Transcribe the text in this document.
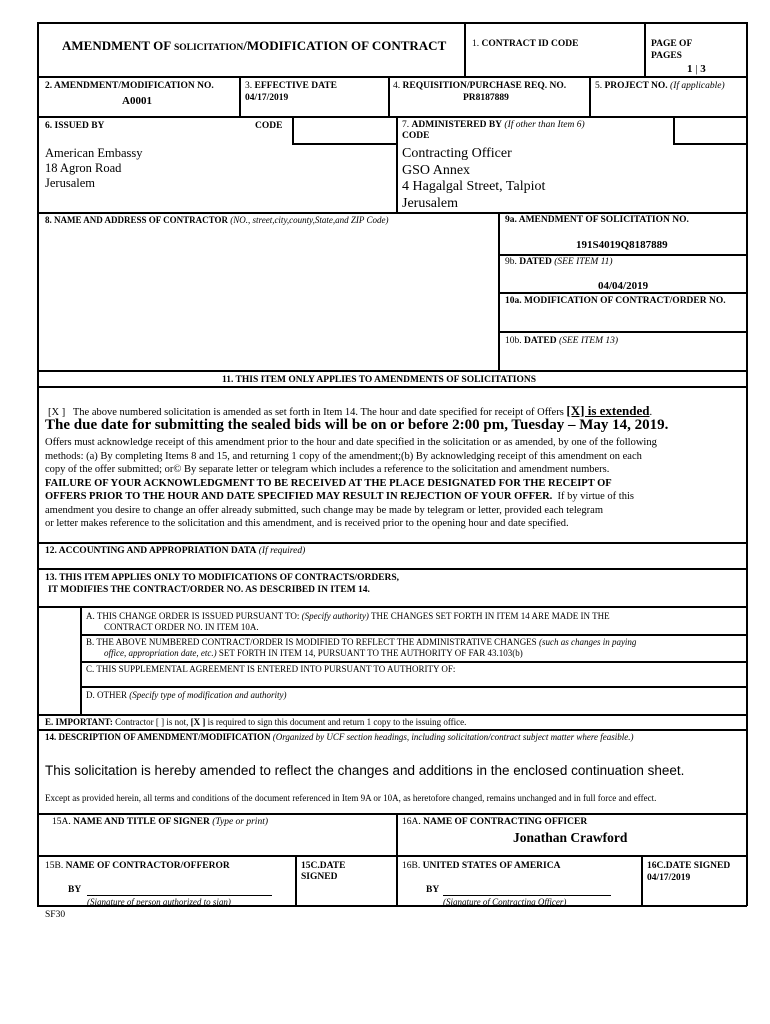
AMENDMENT OF SOLICITATION/MODIFICATION OF CONTRACT	1. CONTRACT ID CODE	PAGE OF
PAGES
1 | 3
2. AMENDMENT/MODIFICATION NO.
A0001
3. EFFECTIVE DATE
04/17/2019
4. REQUISITION/PURCHASE REQ. NO.
PR8187889
5. PROJECT NO. (If applicable)
6. ISSUED BY	CODE
American Embassy
18 Agron Road
Jerusalem
7. ADMINISTERED BY (If other than Item 6)
CODE
Contracting Officer
GSO Annex
4 Hagalgal Street, Talpiot
Jerusalem
8. NAME AND ADDRESS OF CONTRACTOR (NO., street,city,county,State,and ZIP Code)	9a. AMENDMENT OF SOLICITATION NO.
191S4019Q8187889
9b. DATED (SEE ITEM 11)
04/04/2019
10a. MODIFICATION OF CONTRACT/ORDER NO.
10b. DATED (SEE ITEM 13)
11. THIS ITEM ONLY APPLIES TO AMENDMENTS OF SOLICITATIONS
[X ] The above numbered solicitation is amended as set forth in Item 14. The hour and date specified for receipt of Offers [X] is extended.
The due date for submitting the sealed bids will be on or before 2:00 pm, Tuesday – May 14, 2019.
Offers must acknowledge receipt of this amendment prior to the hour and date specified in the solicitation or as amended, by one of the following
methods: (a) By completing Items 8 and 15, and returning 1 copy of the amendment;(b) By acknowledging receipt of this amendment on each
copy of the offer submitted; or© By separate letter or telegram which includes a reference to the solicitation and amendment numbers.
FAILURE OF YOUR ACKNOWLEDGMENT TO BE RECEIVED AT THE PLACE DESIGNATED FOR THE RECEIPT OF
OFFERS PRIOR TO THE HOUR AND DATE SPECIFIED MAY RESULT IN REJECTION OF YOUR OFFER. If by virtue of this
amendment you desire to change an offer already submitted, such change may be made by telegram or letter, provided each telegram
or letter makes reference to the solicitation and this amendment, and is received prior to the opening hour and date specified.
12. ACCOUNTING AND APPROPRIATION DATA (If required)
13. THIS ITEM APPLIES ONLY TO MODIFICATIONS OF CONTRACTS/ORDERS,
IT MODIFIES THE CONTRACT/ORDER NO. AS DESCRIBED IN ITEM 14.
A. THIS CHANGE ORDER IS ISSUED PURSUANT TO: (Specify authority) THE CHANGES SET FORTH IN ITEM 14 ARE MADE IN THE
CONTRACT ORDER NO. IN ITEM 10A.
B. THE ABOVE NUMBERED CONTRACT/ORDER IS MODIFIED TO REFLECT THE ADMINISTRATIVE CHANGES (such as changes in paying
office, appropriation date, etc.) SET FORTH IN ITEM 14, PURSUANT TO THE AUTHORITY OF FAR 43.103(b)
C. THIS SUPPLEMENTAL AGREEMENT IS ENTERED INTO PURSUANT TO AUTHORITY OF:
D. OTHER (Specify type of modification and authority)
E. IMPORTANT: Contractor [ ] is not, [X ] is required to sign this document and return 1 copy to the issuing office.
14. DESCRIPTION OF AMENDMENT/MODIFICATION (Organized by UCF section headings, including solicitation/contract subject matter where feasible.)
This solicitation is hereby amended to reflect the changes and additions in the enclosed continuation sheet.
Except as provided herein, all terms and conditions of the document referenced in Item 9A or 10A, as heretofore changed, remains unchanged and in full force and effect.
15A. NAME AND TITLE OF SIGNER (Type or print)	16A. NAME OF CONTRACTING OFFICER
Jonathan Crawford
15B. NAME OF CONTRACTOR/OFFEROR	15C.DATE
SIGNED
16B. UNITED STATES OF AMERICA	16C.DATE SIGNED
04/17/2019
BY
(Signature of person authorized to sign)
BY
(Signature of Contracting Officer)
SF30
